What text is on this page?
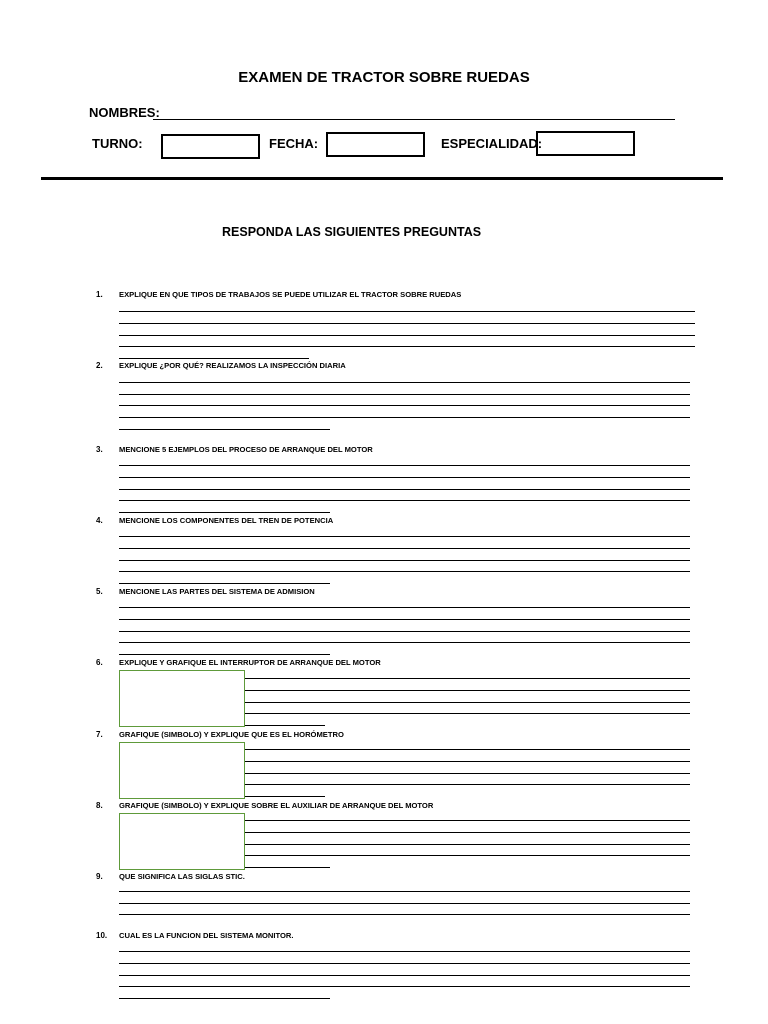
EXAMEN DE TRACTOR SOBRE RUEDAS
NOMBRES:
TURNO:	FECHA:	ESPECIALIDAD:
RESPONDA LAS SIGUIENTES PREGUNTAS
1. EXPLIQUE EN QUE TIPOS DE TRABAJOS SE PUEDE UTILIZAR EL TRACTOR SOBRE RUEDAS
2. EXPLIQUE ¿POR QUÉ? REALIZAMOS LA INSPECCIÓN DIARIA
3. MENCIONE 5 EJEMPLOS DEL PROCESO DE ARRANQUE DEL MOTOR
4. MENCIONE LOS COMPONENTES DEL TREN DE POTENCIA
5. MENCIONE LAS PARTES DEL SISTEMA DE ADMISION
6. EXPLIQUE Y GRAFIQUE EL INTERRUPTOR DE ARRANQUE DEL MOTOR
7. GRAFIQUE (SIMBOLO) Y EXPLIQUE QUE ES EL HORÓMETRO
8. GRAFIQUE (SIMBOLO) Y EXPLIQUE SOBRE EL AUXILIAR DE ARRANQUE DEL MOTOR
9. QUE SIGNIFICA LAS SIGLAS STIC.
10. CUAL ES LA FUNCION DEL SISTEMA MONITOR.
